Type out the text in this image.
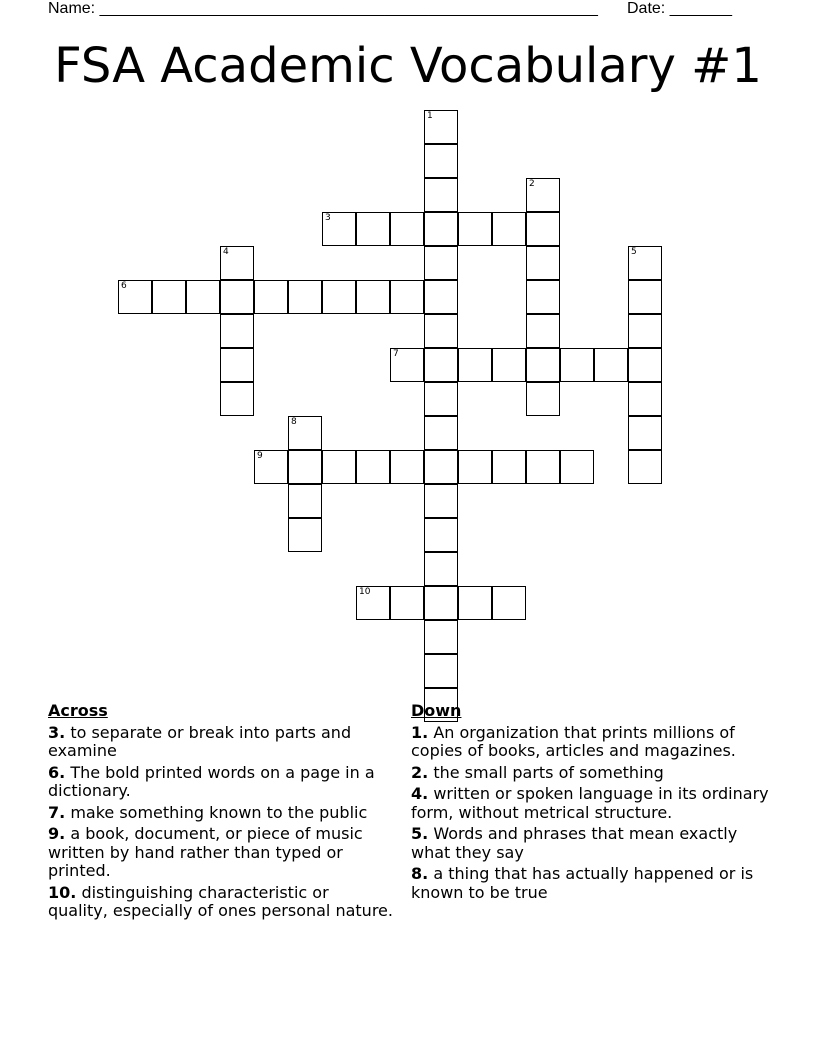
Name: ________________________________________________________ Date: _______
FSA Academic Vocabulary #1
1
2
3
4	5
6
7
8
9
10
Across
3. to separate or break into parts and examine
6. The bold printed words on a page in a dictionary.
7. make something known to the public
9. a book, document, or piece of music written by hand rather than typed or printed.
10. distinguishing characteristic or quality, especially of ones personal nature.
Down
1. An organization that prints millions of copies of books, articles and magazines.
2. the small parts of something
4. written or spoken language in its ordinary form, without metrical structure.
5. Words and phrases that mean exactly what they say
8. a thing that has actually happened or is known to be true
